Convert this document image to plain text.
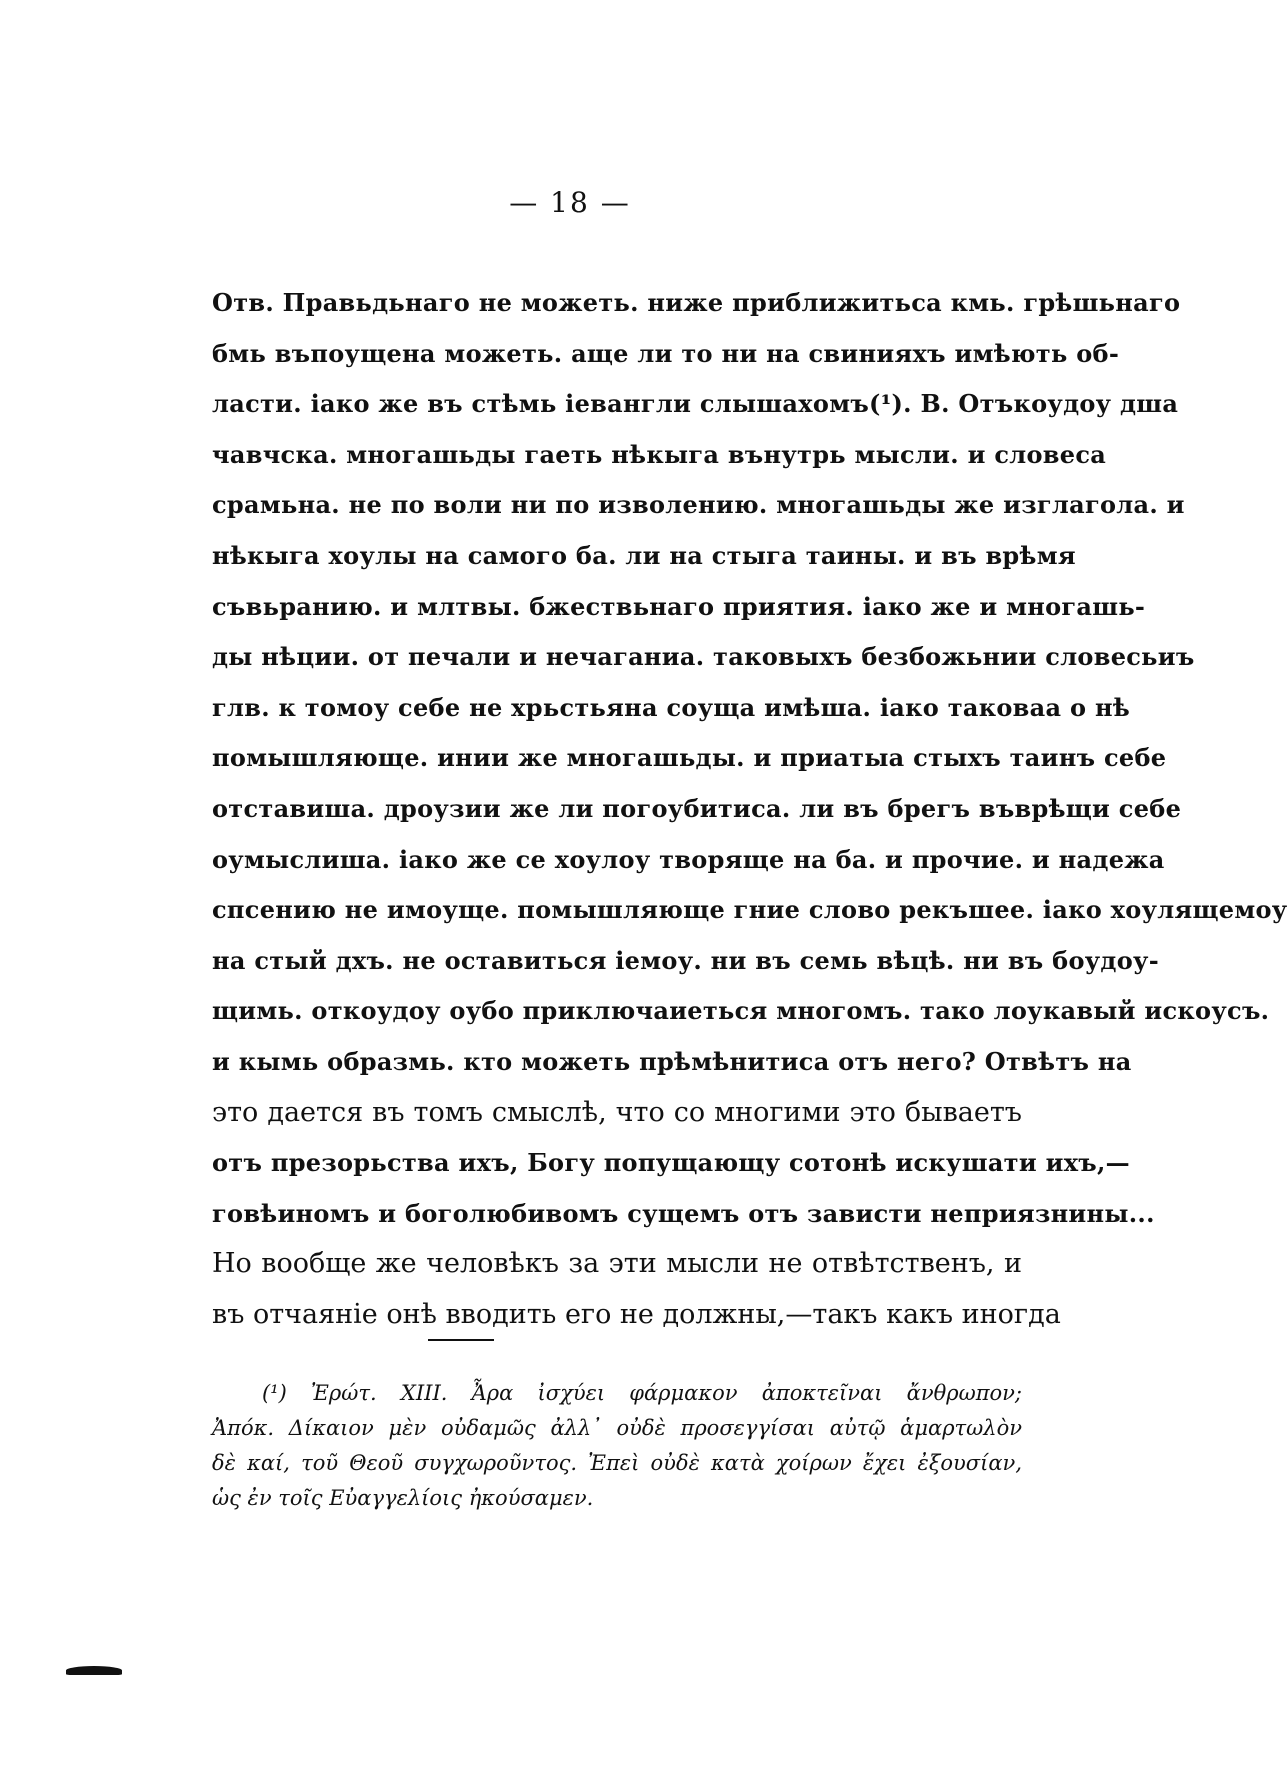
— 18 —
Отв. Правьдьнаго не можеть. ниже приближитьса кмь. грѣшьнаго
бмь въпоущена можеть. аще ли то ни на свинияхъ имѣють об-
ласти. іако же въ стѣмь іевангли слышахомъ(¹). В. Отъкоудоу дша
чавчска. многашьды гаеть нѣкыга вънутрь мысли. и словеса
срамьна. не по воли ни по изволению. многашьды же изглагола. и
нѣкыга хоулы на самого ба. ли на стыга таины. и въ врѣмя
съвьранию. и млтвы. бжествьнаго приятия. іако же и многашь-
ды нѣции. от печали и нечаганиа. таковыхъ безбожьнии словесьиъ
глв. к томоу себе не хрьстьяна соуща имѣша. іако таковаа о нѣ
помышляюще. инии же многашьды. и приатыа стыхъ таинъ себе
отставиша. дроузии же ли погоубитиса. ли въ брегъ въврѣщи себе
оумыслиша. іако же се хоулоу творяще на ба. и прочие. и надежа
спсению не имоуще. помышляюще гние слово рекъшее. іако хоулящемоу
на стый дхъ. не оставиться іемоу. ни въ семь вѣцѣ. ни въ боудоу-
щимь. откоудоу оубо приключаиеться многомъ. тако лоукавый искоусъ.
и кымь образмь. кто можеть прѣмѣнитиса отъ него? Отвѣтъ на
это дается въ томъ смыслѣ, что со многими это бываетъ
отъ презорьства ихъ, Богу попущающу сотонѣ искушати ихъ,—
говѣиномъ и боголюбивомъ сущемъ отъ зависти неприязнины...
Но вообще же человѣкъ за эти мысли не отвѣтственъ, и
въ отчаяніе онѣ вводить его не должны,—такъ какъ иногда
(¹) Ἐρώτ. XIII. Ἆρα ἰσχύει φάρμακον ἀποκτεῖναι ἄνθρωπον;
Ἀπόκ. Δίκαιον μὲν οὐδαμῶς ἀλλ᾽ οὐδὲ προσεγγίσαι αὐτῷ ἁμαρτωλὸν
δὲ καί, τοῦ Θεοῦ συγχωροῦντος. Ἐπεὶ οὐδὲ κατὰ χοίρων ἔχει ἐξουσίαν,
ὡς ἐν τοῖς Εὐαγγελίοις ἠκούσαμεν.
